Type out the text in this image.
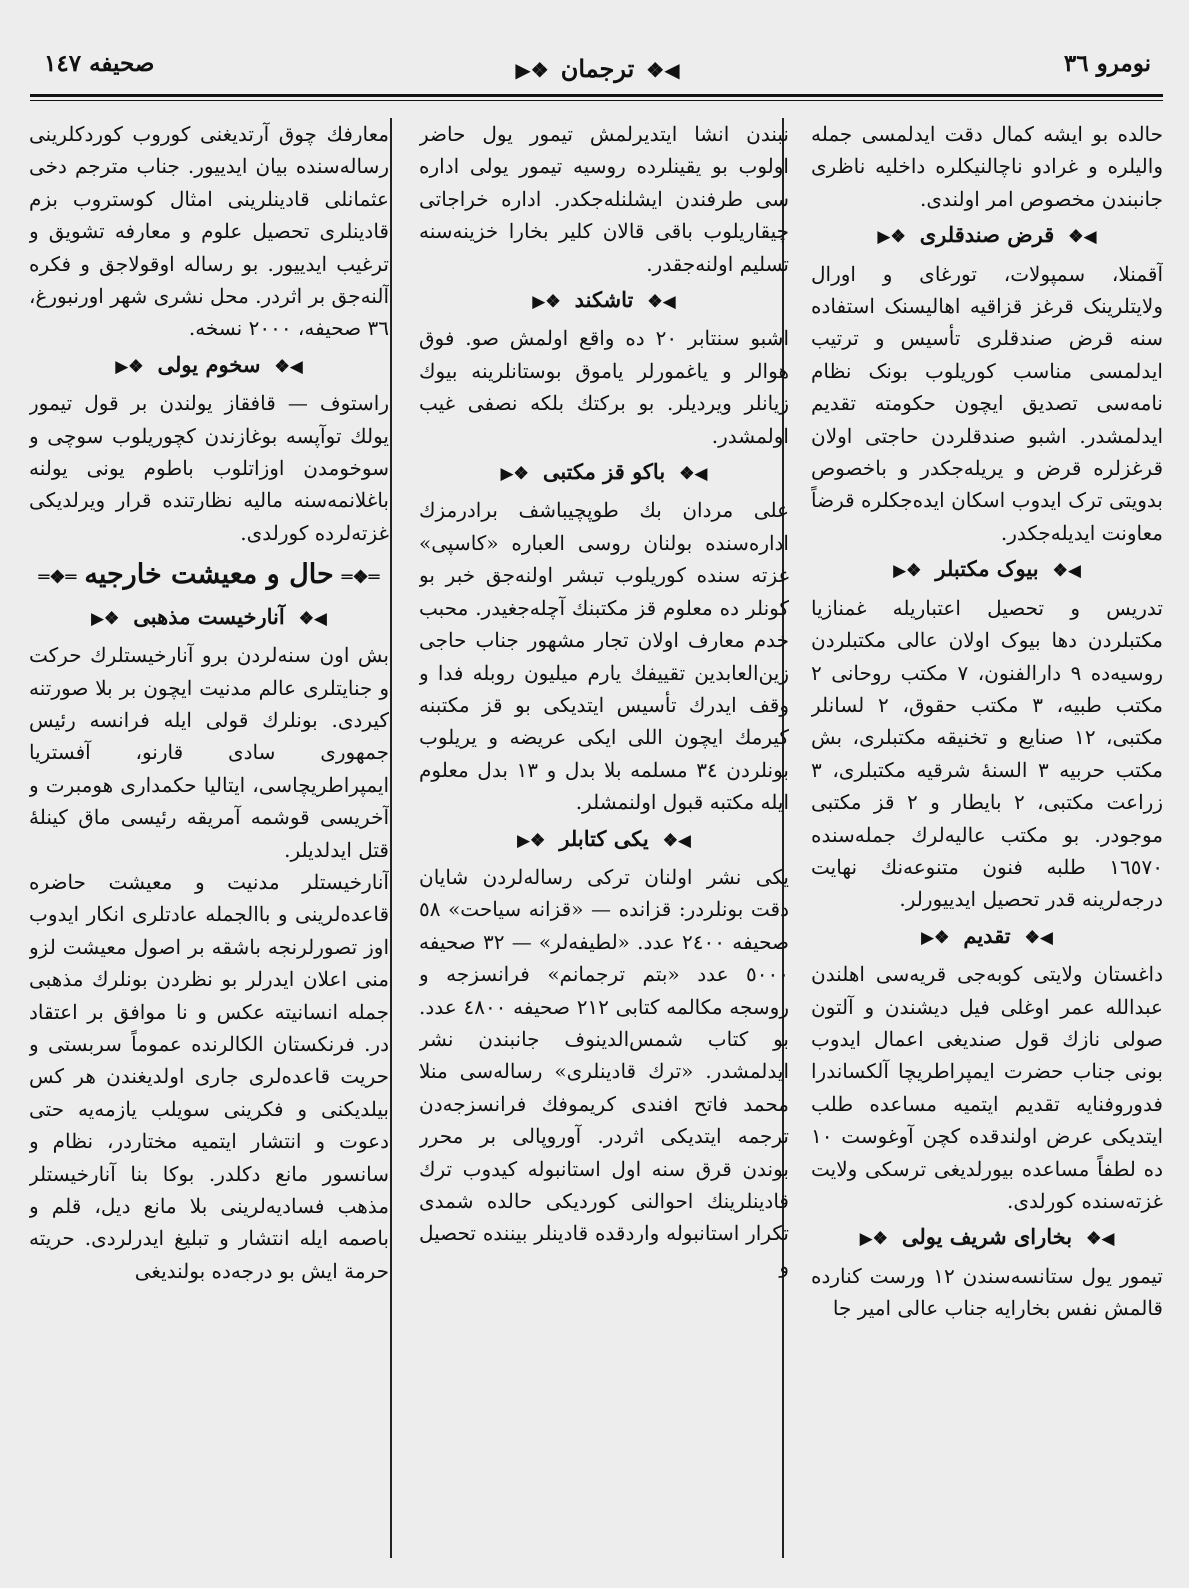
نومرو ٣٦
◀❖ترجمان❖▶
صحیفه ١٤٧

حالده بو ایشه کمال دقت ایدلمسی جمله والیلره و غرادو ناچالنیکلره داخلیه ناظری جانبندن مخصوص امر اولندی.

◀❖قرض صندقلری❖▶

آقمنلا، سمپولات، تورغای و اورال ولایتلرینک قرغز قزاقیه اهالیسنک استفاده سنه قرض صندقلری تأسیس و ترتیب ایدلمسی مناسب کوریلوب بونک نظام نامه‌سی تصدیق ایچون حکومته تقدیم ایدلمشدر. اشبو صندقلردن حاجتی اولان قرغزلره قرض و یریله‌جکدر و باخصوص بدویتی ترک ایدوب اسکان ایده‌جکلره قرضاً معاونت ایدیله‌جکدر.

◀❖بیوک مکتبلر❖▶

تدریس و تحصیل اعتباریله غمنازیا مکتبلردن دها بیوک اولان عالی مکتبلردن روسیه‌ده ٩ دارالفنون، ٧ مکتب روحانی ٢ مکتب طبیه، ٣ مکتب حقوق، ٢ لسانلر مکتبی، ١٢ صنایع و تخنیقه مکتبلری، بش مکتب حربیه ٣ السنهٔ شرقیه مکتبلری، ٣ زراعت مکتبی، ٢ بایطار و ٢ قز مکتبی موجودر. بو مکتب عالیه‌لرك جمله‌سنده ١٦٥٧٠ طلبه فنون متنوعه‌نك نهایت درجه‌لرینه قدر تحصیل ایدییورلر.

◀❖تقدیم❖▶

داغستان ولایتی کوبه‌جی قریه‌سی اهلندن عبدالله عمر اوغلی فیل دیشندن و آلتون صولی نازك قول صندیغی اعمال ایدوب بونی جناب حضرت ایمپراطریچا آلکساندرا فدوروفنایه تقدیم ایتمیه مساعده طلب ایتدیکی عرض اولندقده کچن آوغوست ١٠ ده لطفاً مساعده بیورلدیغی ترسکی ولایت غزته‌سنده کورلدی.

◀❖بخارای شریف یولی❖▶

تیمور یول ستانسه‌سندن ١٢ ورست کنارده قالمش نفس بخارایه جناب عالی امیر جا

نبندن انشا ایتدیرلمش تیمور یول حاضر اولوب بو یقینلرده روسیه تیمور یولی اداره سی طرفندن ایشلنله‌جکدر. اداره خراجاتی چیقاریلوب باقی قالان کلیر بخارا خزینه‌سنه تسلیم اولنه‌جقدر.

◀❖تاشکند❖▶

اشبو سنتابر ٢٠ ده واقع اولمش صو. فوق هوالر و یاغمورلر یاموق بوستانلرینه بیوك زیانلر ویردیلر. بو برکتك بلکه نصفی غیب اولمشدر.

◀❖باکو قز مکتبی❖▶

علی مردان بك طوپچیباشف برادرمزك اداره‌سنده بولنان روسی العباره «کاسپی» غزته سنده کوریلوب تبشر اولنه‌جق خبر بو کونلر ده معلوم قز مکتبنك آچله‌جغیدر. محبب خدم معارف اولان تجار مشهور جناب حاجی زین‌العابدین تقییفك یارم میلیون روبله فدا و وقف ایدرك تأسیس ایتدیکی بو قز مکتبنه کیرمك ایچون اللی ایکی عریضه و یریلوب بونلردن ٣٤ مسلمه بلا بدل و ١٣ بدل معلوم ایله مکتبه قبول اولنمشلر.

◀❖یکی کتابلر❖▶

یکی نشر اولنان ترکی رساله‌لردن شایان دقت بونلردر: قزانده — «قزانه سیاحت» ٥٨ صحیفه ٢٤٠٠ عدد. «لطیفه‌لر» — ٣٢ صحیفه ٥٠٠٠ عدد «بتم ترجمانم» فرانسزجه و روسجه مکالمه کتابی ٢١٢ صحیفه ٤٨٠٠ عدد. بو کتاب شمس‌الدینوف جانبندن نشر ایدلمشدر. «ترك قادینلری» رساله‌سی منلا محمد فاتح افندی کریموفك فرانسزجه‌دن ترجمه ایتدیکی اثردر. آوروپالی بر محرر بوندن قرق سنه اول استانبوله کیدوب ترك قادینلرینك احوالنی کوردیکی حالده شمدی تکرار استانبوله واردقده قادینلر بیننده تحصیل و

معارفك چوق آرتدیغنی کوروب کوردکلرینی رساله‌سنده بیان ایدییور. جناب مترجم دخی عثمانلی قادینلرینی امثال کوستروب بزم قادینلری تحصیل علوم و معارفه تشویق و ترغیب ایدییور. بو رساله اوقولاجق و فکره آلنه‌جق بر اثردر. محل نشری شهر اورنبورغ، ٣٦ صحیفه، ٢٠٠٠ نسخه.

◀❖سخوم یولی❖▶

راستوف — قافقاز یولندن بر قول تیمور یولك توآپسه بوغازندن کچوریلوب سوچی و سوخومدن اوزاتلوب باطوم یونی یولنه باغلانمه‌سنه مالیه نظارتنده قرار ویرلدیکی غزته‌لرده کورلدی.

═❖═حال و معیشت خارجیه═❖═
◀❖آنارخیست مذهبی❖▶

بش اون سنه‌لردن برو آنارخیستلرك حرکت و جنایتلری عالم مدنیت ایچون بر بلا صورتنه کیردی. بونلرك قولی ایله فرانسه رئیس جمهوری سادی قارنو، آفستریا ایمپراطریچاسی، ایتالیا حکمداری هومبرت و آخریسی قوشمه آمریقه رئیسی ماق کینلهٔ قتل ایدلدیلر.

آنارخیستلر مدنیت و معیشت حاضره قاعده‌لرینی و باالجمله عادتلری انکار ایدوب اوز تصورلرنجه باشقه بر اصول معیشت لزو منی اعلان ایدرلر بو نظردن بونلرك مذهبی جمله انسانیته عکس و نا موافق بر اعتقاد در. فرنکستان الکالرنده عموماً سربستی و حریت قاعده‌لری جاری اولدیغندن هر کس بیلدیکنی و فکرینی سویلب یازمه‌یه حتی دعوت و انتشار ایتمیه مختاردر، نظام و سانسور مانع دکلدر. بوکا بنا آنارخیستلر مذهب فسادیه‌لرینی بلا مانع دیل، قلم و باصمه ایله انتشار و تبلیغ ایدرلردی. حریته حرمة ایش بو درجه‌ده بولندیغی
